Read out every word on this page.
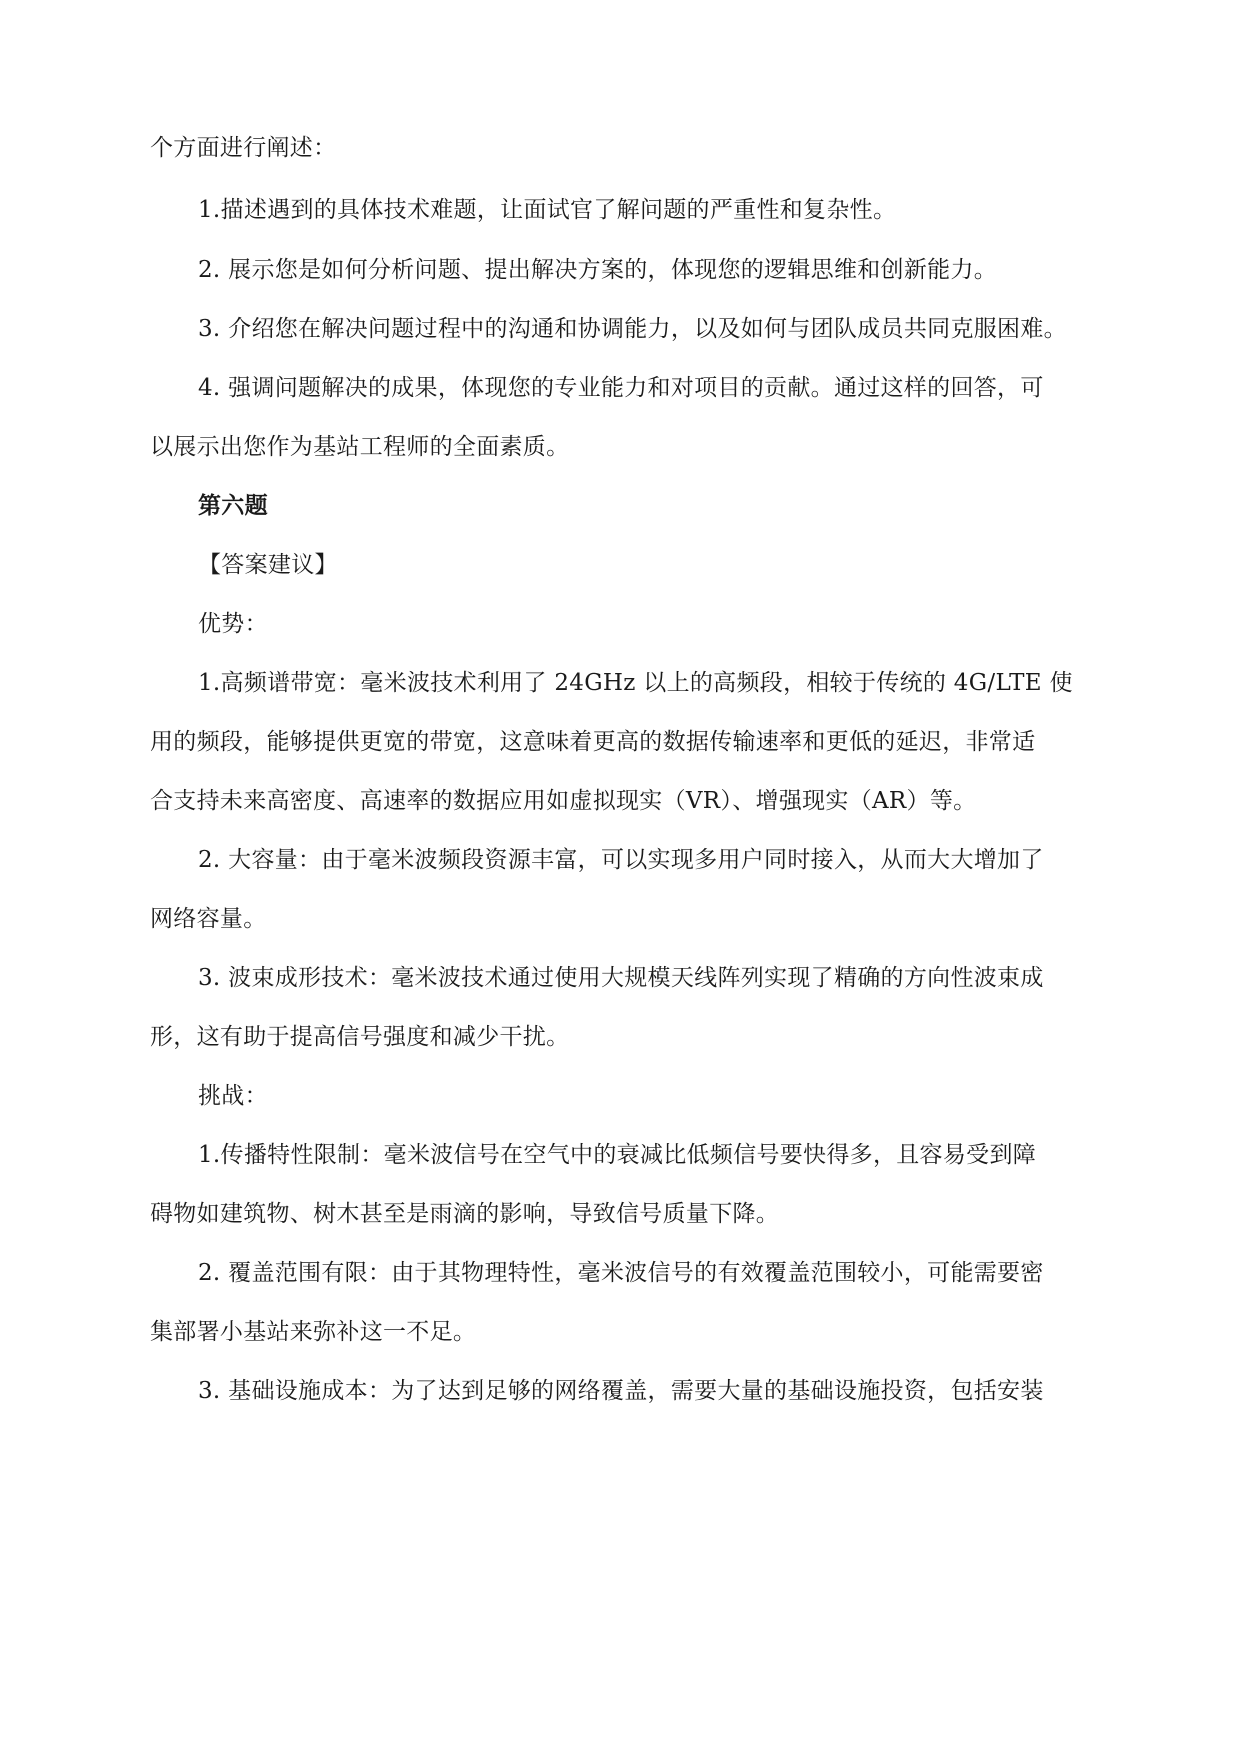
个方面进行阐述：
1.描述遇到的具体技术难题，让面试官了解问题的严重性和复杂性。
2. 展示您是如何分析问题、提出解决方案的，体现您的逻辑思维和创新能力。
3. 介绍您在解决问题过程中的沟通和协调能力，以及如何与团队成员共同克服困难。
4. 强调问题解决的成果，体现您的专业能力和对项目的贡献。通过这样的回答，可
以展示出您作为基站工程师的全面素质。
第六题
【答案建议】
优势：
1.高频谱带宽：毫米波技术利用了 24GHz 以上的高频段，相较于传统的 4G/LTE 使
用的频段，能够提供更宽的带宽，这意味着更高的数据传输速率和更低的延迟，非常适
合支持未来高密度、高速率的数据应用如虚拟现实（VR）、增强现实（AR）等。
2. 大容量：由于毫米波频段资源丰富，可以实现多用户同时接入，从而大大增加了
网络容量。
3. 波束成形技术：毫米波技术通过使用大规模天线阵列实现了精确的方向性波束成
形，这有助于提高信号强度和减少干扰。
挑战：
1.传播特性限制：毫米波信号在空气中的衰减比低频信号要快得多，且容易受到障
碍物如建筑物、树木甚至是雨滴的影响，导致信号质量下降。
2. 覆盖范围有限：由于其物理特性，毫米波信号的有效覆盖范围较小，可能需要密
集部署小基站来弥补这一不足。
3. 基础设施成本：为了达到足够的网络覆盖，需要大量的基础设施投资，包括安装
